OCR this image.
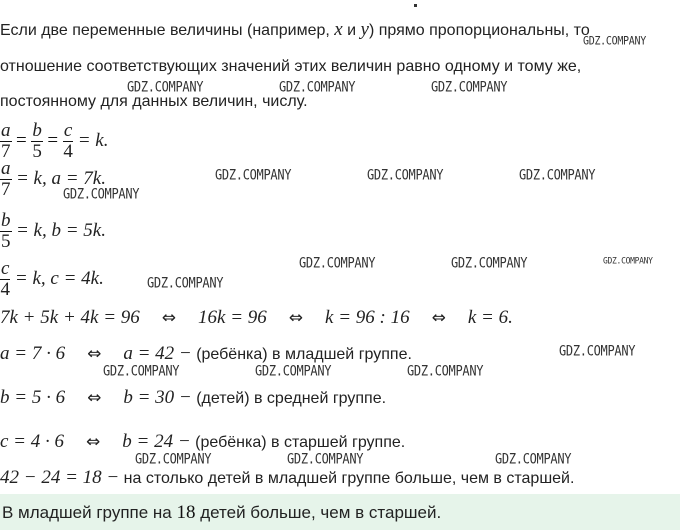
Если две переменные величины (например, x и y) прямо пропорциональны, то
отношение соответствующих значений этих величин равно одному и тому же,
постоянному для данных величин, числу.
$\frac{a}{7} = \frac{b}{5} = \frac{c}{4} = k$.
$\frac{a}{7} = k$, a = 7k.
$\frac{b}{5} = k$, b = 5k.
$\frac{c}{4} = k$, c = 4k.
7k + 5k + 4k = 96 ⇔ 16k = 96 ⇔ k = 96 : 16 ⇔ k = 6.
a = 7 · 6 ⇔ a = 42 − (ребёнка) в младшей группе.
b = 5 · 6 ⇔ b = 30 − (детей) в средней группе.
c = 4 · 6 ⇔ b = 24 − (ребёнка) в старшей группе.
42 − 24 = 18 − на столько детей в младшей группе больше, чем в старшей.
В младшей группе на 18 детей больше, чем в старшей.
GDZ.COMPANY
GDZ.COMPANY	GDZ.COMPANY	GDZ.COMPANY
GDZ.COMPANY	GDZ.COMPANY	GDZ.COMPANY
GDZ.COMPANY
GDZ.COMPANY	GDZ.COMPANY	GDZ.COMPANY
GDZ.COMPANY
GDZ.COMPANY
GDZ.COMPANY	GDZ.COMPANY	GDZ.COMPANY
GDZ.COMPANY	GDZ.COMPANY	GDZ.COMPANY
